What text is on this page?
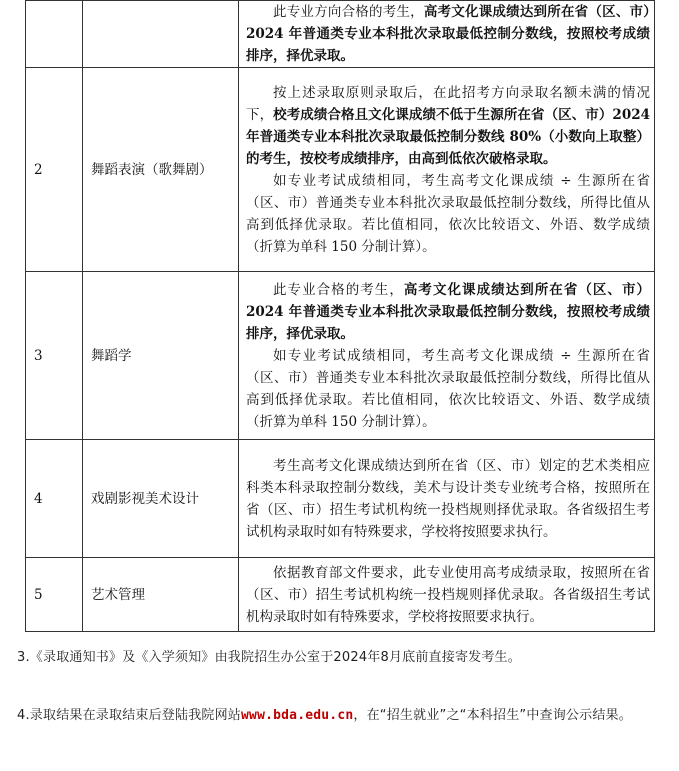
		此专业方向合格的考生，高考文化课成绩达到所在省（区、市）2024 年普通类专业本科批次录取最低控制分数线，按照校考成绩排序，择优录取。

2	舞蹈表演（歌舞剧）	按上述录取原则录取后，在此招考方向录取名额未满的情况下，校考成绩合格且文化课成绩不低于生源所在省（区、市）2024 年普通类专业本科批次录取最低控制分数线 80%（小数向上取整）的考生，按校考成绩排序，由高到低依次破格录取。

如专业考试成绩相同，考生高考文化课成绩 ÷ 生源所在省（区、市）普通类专业本科批次录取最低控制分数线，所得比值从高到低择优录取。若比值相同，依次比较语文、外语、数学成绩（折算为单科 150 分制计算）。

3	舞蹈学	此专业合格的考生，高考文化课成绩达到所在省（区、市）2024 年普通类专业本科批次录取最低控制分数线，按照校考成绩排序，择优录取。

如专业考试成绩相同，考生高考文化课成绩 ÷ 生源所在省（区、市）普通类专业本科批次录取最低控制分数线，所得比值从高到低择优录取。若比值相同，依次比较语文、外语、数学成绩（折算为单科 150 分制计算）。

4	戏剧影视美术设计	考生高考文化课成绩达到所在省（区、市）划定的艺术类相应科类本科录取控制分数线，美术与设计类专业统考合格，按照所在省（区、市）招生考试机构统一投档规则择优录取。各省级招生考试机构录取时如有特殊要求，学校将按照要求执行。

5	艺术管理	依据教育部文件要求，此专业使用高考成绩录取，按照所在省（区、市）招生考试机构统一投档规则择优录取。各省级招生考试机构录取时如有特殊要求，学校将按照要求执行。

3.《录取通知书》及《入学须知》由我院招生办公室于2024年8月底前直接寄发考生。
4.录取结果在录取结束后登陆我院网站www.bda.edu.cn，在“招生就业”之“本科招生”中查询公示结果。
